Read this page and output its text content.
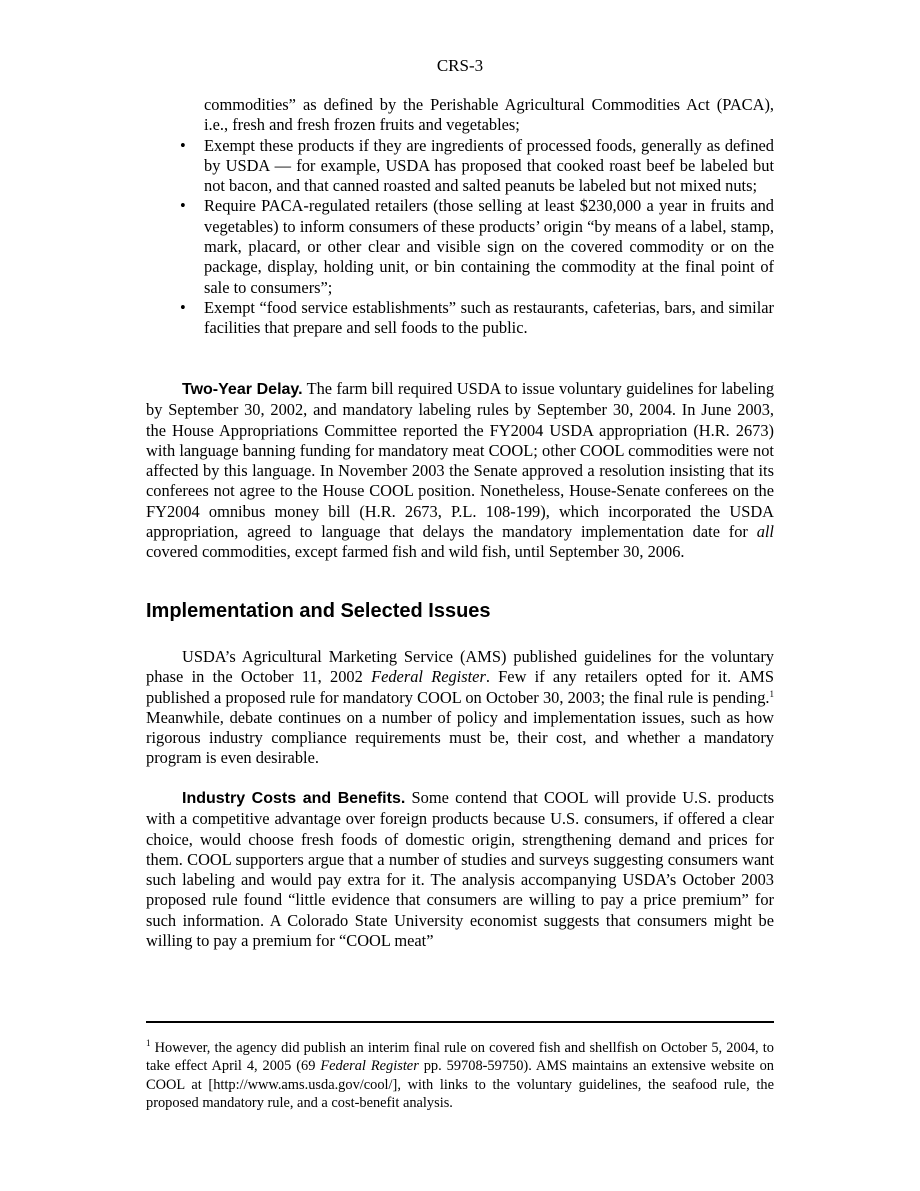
CRS-3
commodities” as defined by the Perishable Agricultural Commodities Act (PACA), i.e., fresh and fresh frozen fruits and vegetables;
• Exempt these products if they are ingredients of processed foods, generally as defined by USDA — for example, USDA has proposed that cooked roast beef be labeled but not bacon, and that canned roasted and salted peanuts be labeled but not mixed nuts;
• Require PACA-regulated retailers (those selling at least $230,000 a year in fruits and vegetables) to inform consumers of these products’ origin “by means of a label, stamp, mark, placard, or other clear and visible sign on the covered commodity or on the package, display, holding unit, or bin containing the commodity at the final point of sale to consumers”;
• Exempt “food service establishments” such as restaurants, cafeterias, bars, and similar facilities that prepare and sell foods to the public.

Two-Year Delay. The farm bill required USDA to issue voluntary guidelines for labeling by September 30, 2002, and mandatory labeling rules by September 30, 2004. In June 2003, the House Appropriations Committee reported the FY2004 USDA appropriation (H.R. 2673) with language banning funding for mandatory meat COOL; other COOL commodities were not affected by this language. In November 2003 the Senate approved a resolution insisting that its conferees not agree to the House COOL position. Nonetheless, House-Senate conferees on the FY2004 omnibus money bill (H.R. 2673, P.L. 108-199), which incorporated the USDA appropriation, agreed to language that delays the mandatory implementation date for all covered commodities, except farmed fish and wild fish, until September 30, 2006.

Implementation and Selected Issues

USDA’s Agricultural Marketing Service (AMS) published guidelines for the voluntary phase in the October 11, 2002 Federal Register. Few if any retailers opted for it. AMS published a proposed rule for mandatory COOL on October 30, 2003; the final rule is pending.$^1$ Meanwhile, debate continues on a number of policy and implementation issues, such as how rigorous industry compliance requirements must be, their cost, and whether a mandatory program is even desirable.

Industry Costs and Benefits. Some contend that COOL will provide U.S. products with a competitive advantage over foreign products because U.S. consumers, if offered a clear choice, would choose fresh foods of domestic origin, strengthening demand and prices for them. COOL supporters argue that a number of studies and surveys suggesting consumers want such labeling and would pay extra for it. The analysis accompanying USDA’s October 2003 proposed rule found “little evidence that consumers are willing to pay a price premium” for such information. A Colorado State University economist suggests that consumers might be willing to pay a premium for “COOL meat”

$^1$ However, the agency did publish an interim final rule on covered fish and shellfish on October 5, 2004, to take effect April 4, 2005 (69 Federal Register pp. 59708-59750). AMS maintains an extensive website on COOL at [http://www.ams.usda.gov/cool/], with links to the voluntary guidelines, the seafood rule, the proposed mandatory rule, and a cost-benefit analysis.
